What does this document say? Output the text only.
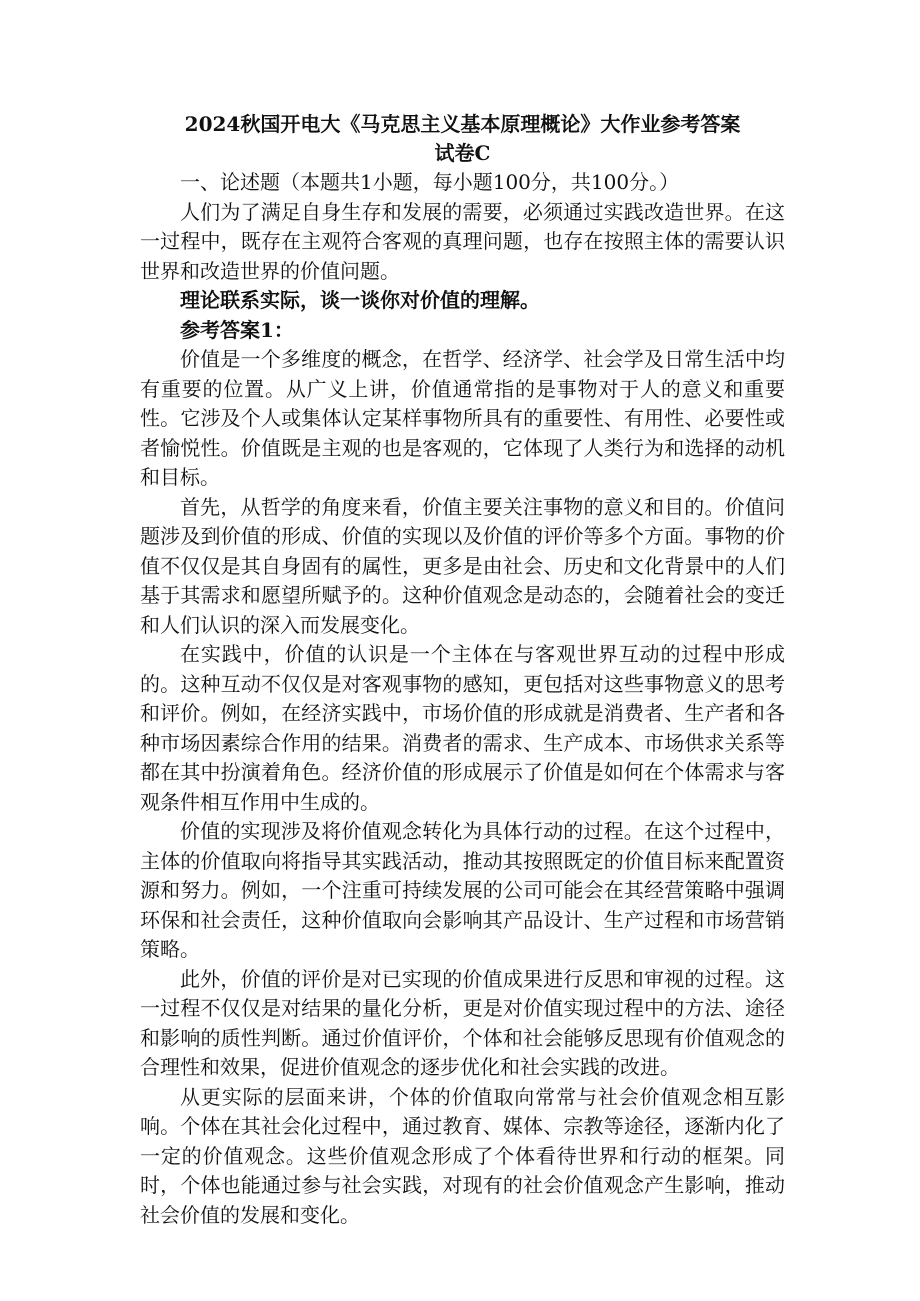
2024秋国开电大《马克思主义基本原理概论》大作业参考答案

试卷C

一、论述题（本题共1小题，每小题100分，共100分。）

人们为了满足自身生存和发展的需要，必须通过实践改造世界。在这一过程中，既存在主观符合客观的真理问题，也存在按照主体的需要认识世界和改造世界的价值问题。

理论联系实际，谈一谈你对价值的理解。

参考答案1：

价值是一个多维度的概念，在哲学、经济学、社会学及日常生活中均有重要的位置。从广义上讲，价值通常指的是事物对于人的意义和重要性。它涉及个人或集体认定某样事物所具有的重要性、有用性、必要性或者愉悦性。价值既是主观的也是客观的，它体现了人类行为和选择的动机和目标。

首先，从哲学的角度来看，价值主要关注事物的意义和目的。价值问题涉及到价值的形成、价值的实现以及价值的评价等多个方面。事物的价值不仅仅是其自身固有的属性，更多是由社会、历史和文化背景中的人们基于其需求和愿望所赋予的。这种价值观念是动态的，会随着社会的变迁和人们认识的深入而发展变化。

在实践中，价值的认识是一个主体在与客观世界互动的过程中形成的。这种互动不仅仅是对客观事物的感知，更包括对这些事物意义的思考和评价。例如，在经济实践中，市场价值的形成就是消费者、生产者和各种市场因素综合作用的结果。消费者的需求、生产成本、市场供求关系等都在其中扮演着角色。经济价值的形成展示了价值是如何在个体需求与客观条件相互作用中生成的。

价值的实现涉及将价值观念转化为具体行动的过程。在这个过程中，主体的价值取向将指导其实践活动，推动其按照既定的价值目标来配置资源和努力。例如，一个注重可持续发展的公司可能会在其经营策略中强调环保和社会责任，这种价值取向会影响其产品设计、生产过程和市场营销策略。

此外，价值的评价是对已实现的价值成果进行反思和审视的过程。这一过程不仅仅是对结果的量化分析，更是对价值实现过程中的方法、途径和影响的质性判断。通过价值评价，个体和社会能够反思现有价值观念的合理性和效果，促进价值观念的逐步优化和社会实践的改进。

从更实际的层面来讲，个体的价值取向常常与社会价值观念相互影响。个体在其社会化过程中，通过教育、媒体、宗教等途径，逐渐内化了一定的价值观念。这些价值观念形成了个体看待世界和行动的框架。同时，个体也能通过参与社会实践，对现有的社会价值观念产生影响，推动社会价值的发展和变化。
